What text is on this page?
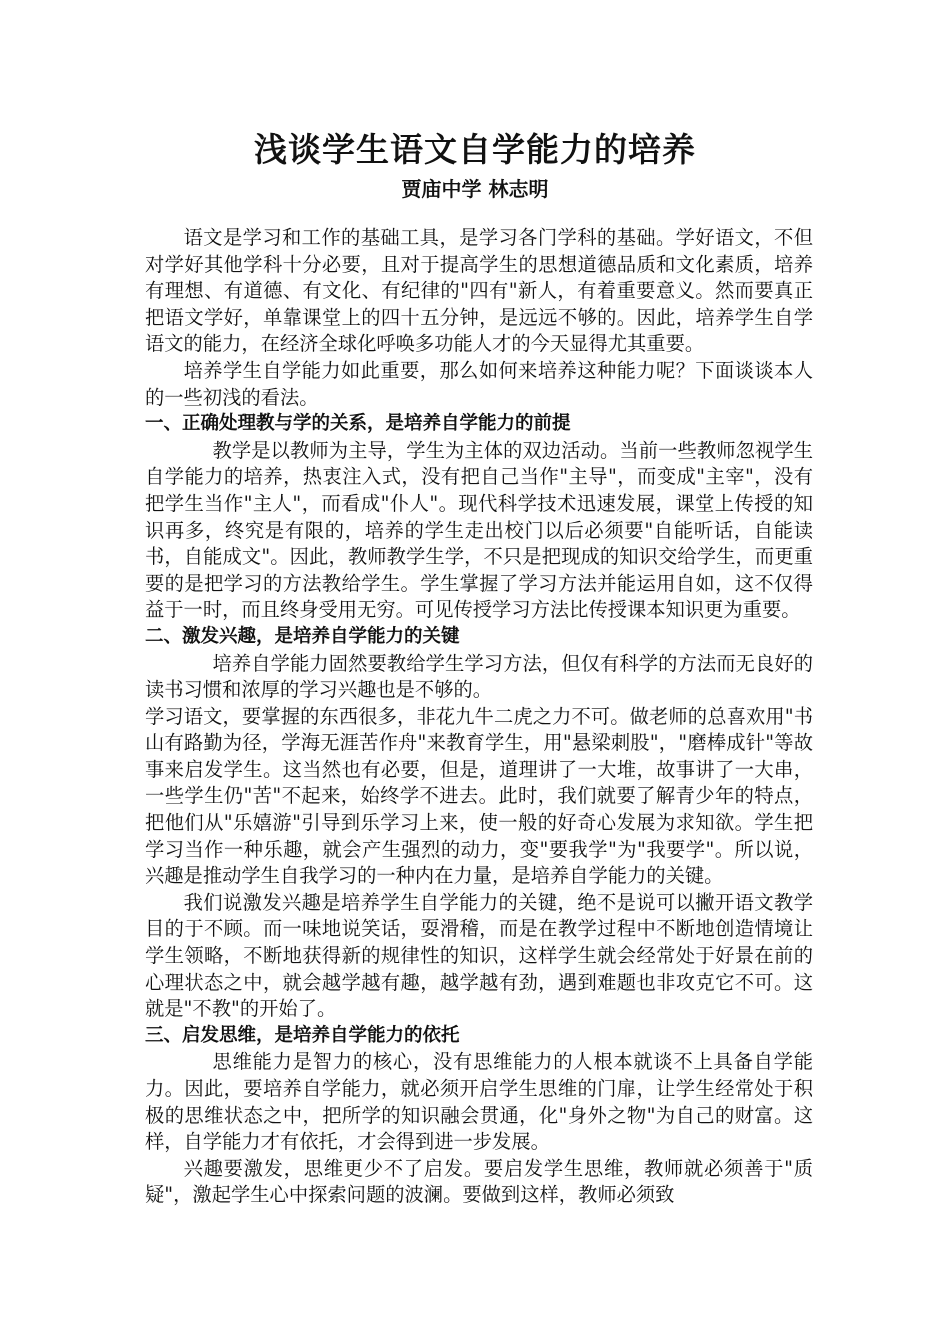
浅谈学生语文自学能力的培养
贾庙中学 林志明

语文是学习和工作的基础工具，是学习各门学科的基础。学好语文，不但对学好其他学科十分必要，且对于提高学生的思想道德品质和文化素质，培养有理想、有道德、有文化、有纪律的"四有"新人，有着重要意义。然而要真正把语文学好，单靠课堂上的四十五分钟，是远远不够的。因此，培养学生自学语文的能力，在经济全球化呼唤多功能人才的今天显得尤其重要。

培养学生自学能力如此重要，那么如何来培养这种能力呢？下面谈谈本人的一些初浅的看法。

一、正确处理教与学的关系，是培养自学能力的前提

教学是以教师为主导，学生为主体的双边活动。当前一些教师忽视学生自学能力的培养，热衷注入式，没有把自己当作"主导"，而变成"主宰"，没有把学生当作"主人"，而看成"仆人"。现代科学技术迅速发展，课堂上传授的知识再多，终究是有限的，培养的学生走出校门以后必须要"自能听话，自能读书，自能成文"。因此，教师教学生学，不只是把现成的知识交给学生，而更重要的是把学习的方法教给学生。学生掌握了学习方法并能运用自如，这不仅得益于一时，而且终身受用无穷。可见传授学习方法比传授课本知识更为重要。

二、激发兴趣，是培养自学能力的关键

培养自学能力固然要教给学生学习方法，但仅有科学的方法而无良好的读书习惯和浓厚的学习兴趣也是不够的。

学习语文，要掌握的东西很多，非花九牛二虎之力不可。做老师的总喜欢用"书山有路勤为径，学海无涯苦作舟"来教育学生，用"悬梁刺股"，"磨棒成针"等故事来启发学生。这当然也有必要，但是，道理讲了一大堆，故事讲了一大串，一些学生仍"苦"不起来，始终学不进去。此时，我们就要了解青少年的特点，把他们从"乐嬉游"引导到乐学习上来，使一般的好奇心发展为求知欲。学生把学习当作一种乐趣，就会产生强烈的动力，变"要我学"为"我要学"。所以说，兴趣是推动学生自我学习的一种内在力量，是培养自学能力的关键。

我们说激发兴趣是培养学生自学能力的关键，绝不是说可以撇开语文教学目的于不顾。而一味地说笑话，耍滑稽，而是在教学过程中不断地创造情境让学生领略，不断地获得新的规律性的知识，这样学生就会经常处于好景在前的心理状态之中，就会越学越有趣，越学越有劲，遇到难题也非攻克它不可。这就是"不教"的开始了。

三、启发思维，是培养自学能力的依托

思维能力是智力的核心，没有思维能力的人根本就谈不上具备自学能力。因此，要培养自学能力，就必须开启学生思维的门扉，让学生经常处于积极的思维状态之中，把所学的知识融会贯通，化"身外之物"为自己的财富。这样，自学能力才有依托，才会得到进一步发展。

兴趣要激发，思维更少不了启发。要启发学生思维，教师就必须善于"质疑"，激起学生心中探索问题的波澜。要做到这样，教师必须致
